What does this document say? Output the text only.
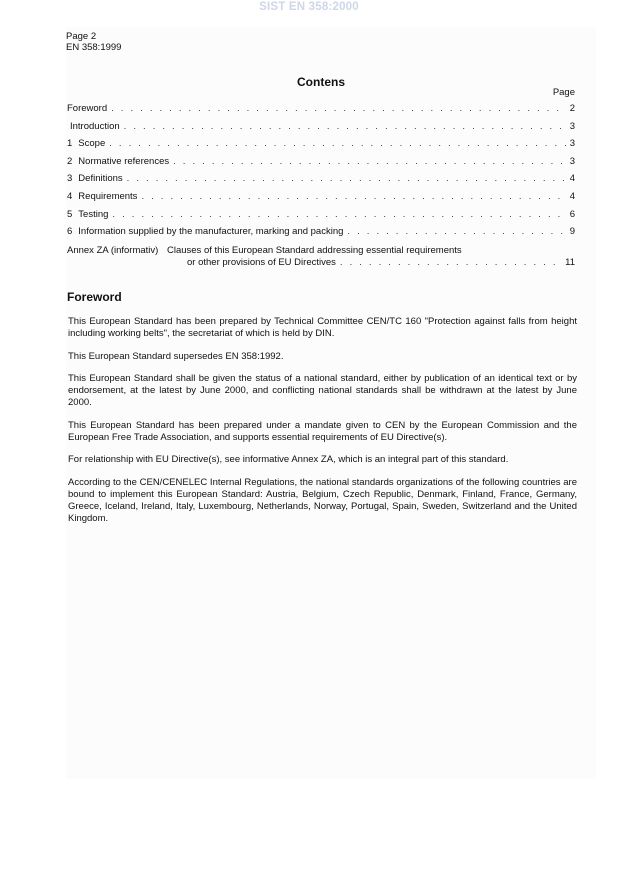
SIST EN 358:2000
Page 2
EN 358:1999
Contens
Page
Foreword . . .	2
Introduction . . .	3
1 Scope . . .	3
2 Normative references . . .	3
3 Definitions . . .	4
4 Requirements . . .	4
5 Testing . . .	6
6 Information supplied by the manufacturer, marking and packing . . .	9
Annex ZA (informativ) Clauses of this European Standard addressing essential requirements
or other provisions of EU Directives . . .	11
Foreword

This European Standard has been prepared by Technical Committee CEN/TC 160 "Protection against falls from height including working belts", the secretariat of which is held by DIN.

This European Standard supersedes EN 358:1992.

This European Standard shall be given the status of a national standard, either by publication of an identical text or by endorsement, at the latest by June 2000, and conflicting national standards shall be withdrawn at the latest by June 2000.

This European Standard has been prepared under a mandate given to CEN by the European Commission and the European Free Trade Association, and supports essential requirements of EU Directive(s).

For relationship with EU Directive(s), see informative Annex ZA, which is an integral part of this standard.

According to the CEN/CENELEC Internal Regulations, the national standards organizations of the following countries are bound to implement this European Standard: Austria, Belgium, Czech Republic, Denmark, Finland, France, Germany, Greece, Iceland, Ireland, Italy, Luxembourg, Netherlands, Norway, Portugal, Spain, Sweden, Switzerland and the United Kingdom.
